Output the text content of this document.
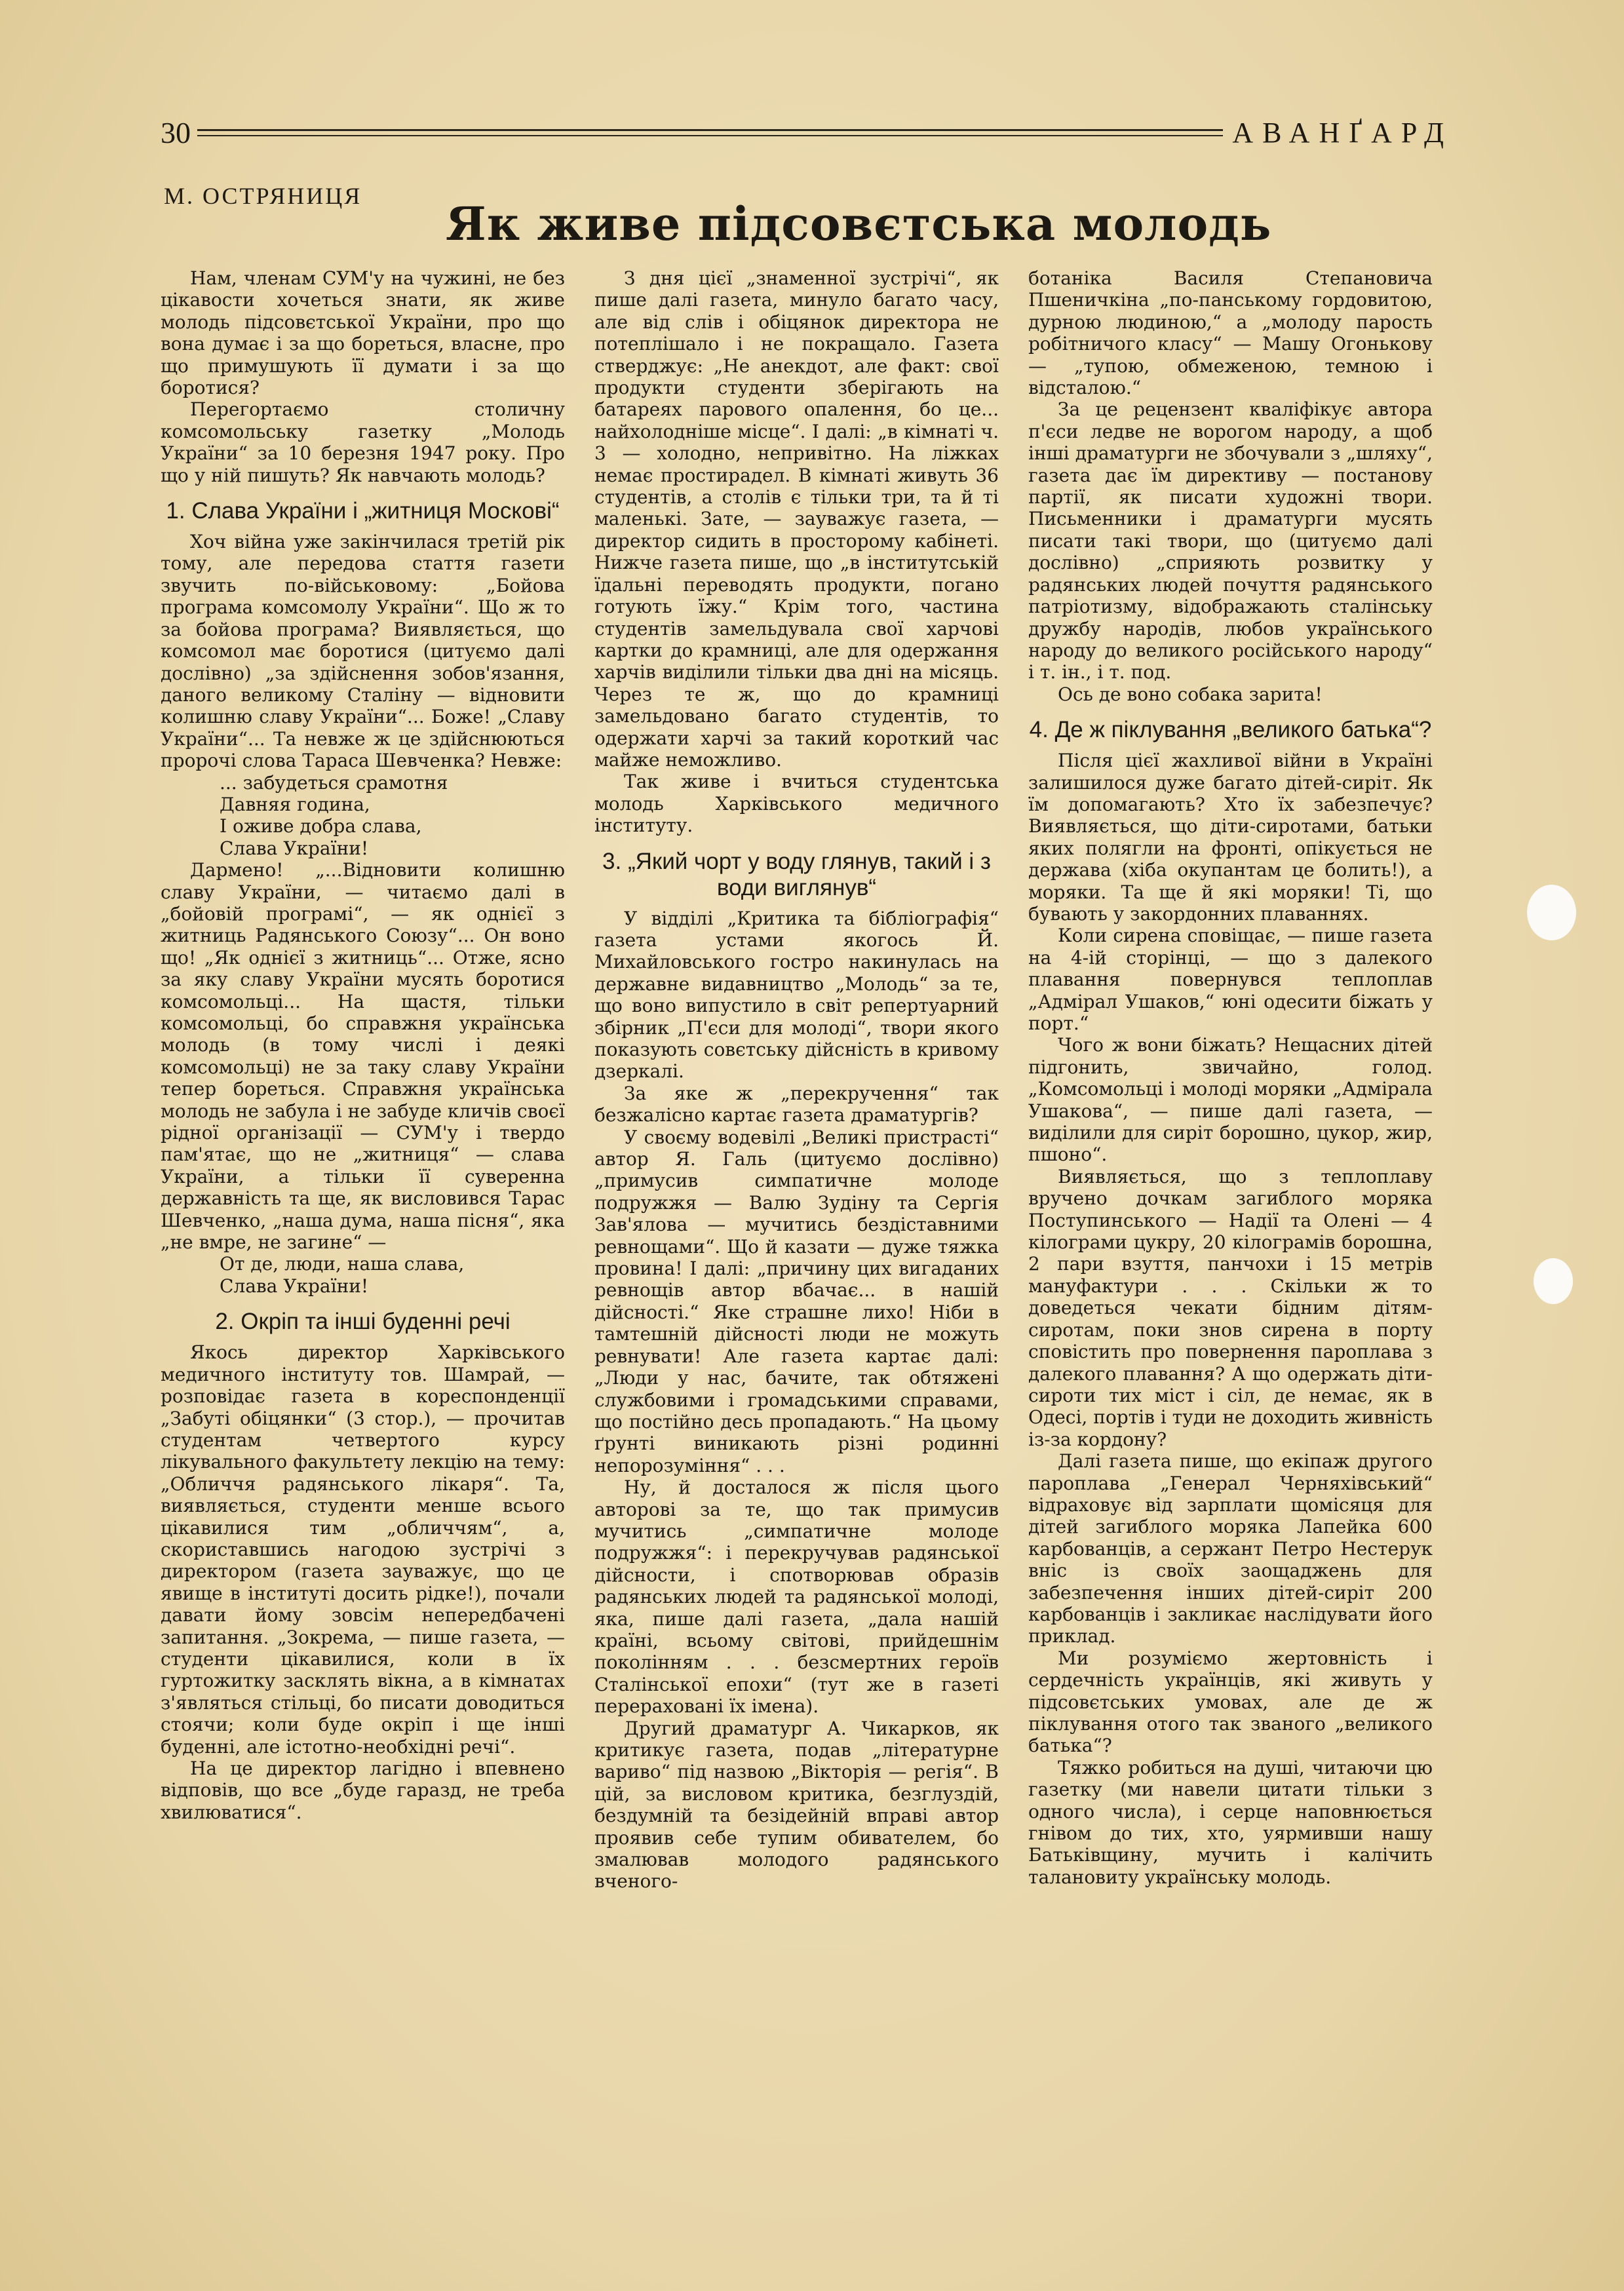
30	АВАНҐАРД
М. ОСТРЯНИЦЯ
Як живе підсовєтська молодь

Нам, членам СУМ'у на чужині, не без цікавости хочеться знати, як живе молодь підсовєтської України, про що вона думає і за що бореться, власне, про що примушують її думати і за що боротися?

Перегортаємо столичну комсомольську газетку „Молодь України“ за 10 березня 1947 року. Про що у ній пишуть? Як навчають молодь?

1. Слава України і „житниця Москові“

Хоч війна уже закінчилася третій рік тому, але передова стаття газети звучить по-військовому: „Бойова програма комсомолу України“. Що ж то за бойова програма? Виявляється, що комсомол має боротися (цитуємо далі дослівно) „за здійснення зобов'язання, даного великому Сталіну — відновити колишню славу України“... Боже! „Славу України“... Та невже ж це здійснюються пророчі слова Тараса Шевченка? Невже:

... забудеться срамотня
Давняя година,
І оживе добра слава,
Слава України!

Дармено! „...Відновити колишню славу України, — читаємо далі в „бойовій програмі“, — як однієї з житниць Радянського Союзу“... Он воно що! „Як однієї з житниць“... Отже, ясно за яку славу України мусять боротися комсомольці... На щастя, тільки комсомольці, бо справжня українська молодь (в тому числі і деякі комсомольці) не за таку славу України тепер бореться. Справжня українська молодь не забула і не забуде кличів своєї рідної організації — СУМ'у і твердо пам'ятає, що не „житниця“ — слава України, а тільки її суверенна державність та ще, як висловився Тарас Шевченко, „наша дума, наша пісня“, яка „не вмре, не загине“ —

От де, люди, наша слава,
Слава України!
2. Окріп та інші буденні речі

Якось директор Харківського медичного інституту тов. Шамрай, — розповідає газета в кореспонденції „Забуті обіцянки“ (3 стор.), — прочитав студентам четвертого курсу лікувального факультету лекцію на тему: „Обличчя радянського лікаря“. Та, виявляється, студенти менше всього цікавилися тим „обличчям“, а, скориставшись нагодою зустрічі з директором (газета зауважує, що це явище в інституті досить рідке!), почали давати йому зовсім непередбачені запитання. „Зокрема, — пише газета, — студенти цікавилися, коли в їх гуртожитку засклять вікна, а в кімнатах з'являться стільці, бо писати доводиться стоячи; коли буде окріп і ще інші буденні, але істотно-необхідні речі“.

На це директор лагідно і впевнено відповів, що все „буде гаразд, не треба хвилюватися“.

З дня цієї „знаменної зустрічі“, як пише далі газета, минуло багато часу, але від слів і обіцянок директора не потеплішало і не покращало. Газета стверджує: „Не анекдот, але факт: свої продукти студенти зберігають на батареях парового опалення, бо це... найхолодніше місце“. І далі: „в кімнаті ч. 3 — холодно, непривітно. На ліжках немає простирадел. В кімнаті живуть 36 студентів, а столів є тільки три, та й ті маленькі. Зате, — зауважує газета, — директор сидить в просторому кабінеті. Нижче газета пише, що „в інститутській їдальні переводять продукти, погано готують їжу.“ Крім того, частина студентів замельдувала свої харчові картки до крамниці, але для одержання харчів виділили тільки два дні на місяць. Через те ж, що до крамниці замельдовано багато студентів, то одержати харчі за такий короткий час майже неможливо.

Так живе і вчиться студентська молодь Харківського медичного інституту.

3. „Який чорт у воду глянув, такий і з води виглянув“

У відділі „Критика та бібліографія“ газета устами якогось Й. Михайловського гостро накинулась на державне видавництво „Молодь“ за те, що воно випустило в світ репертуарний збірник „П'єси для молоді“, твори якого показують совєтську дійсність в кривому дзеркалі.

За яке ж „перекручення“ так безжалісно картає газета драматургів?

У своєму водевілі „Великі пристрасті“ автор Я. Галь (цитуємо дослівно) „примусив симпатичне молоде подружжя — Валю Зудіну та Сергія Зав'ялова — мучитись бездіставними ревнощами“. Що й казати — дуже тяжка провина! І далі: „причину цих вигаданих ревнощів автор вбачає... в нашій дійсності.“ Яке страшне лихо! Ніби в тамтешній дійсності люди не можуть ревнувати! Але газета картає далі: „Люди у нас, бачите, так обтяжені службовими і громадськими справами, що постійно десь пропадають.“ На цьому ґрунті виникають різні родинні непорозуміння“ . . .

Ну, й досталося ж після цього авторові за те, що так примусив мучитись „симпатичне молоде подружжя“: і перекручував радянської дійсности, і спотворював образів радянських людей та радянської молоді, яка, пише далі газета, „дала нашій країні, всьому світові, прийдешнім поколінням . . . безсмертних героїв Сталінської епохи“ (тут же в газеті перераховані їх імена).

Другий драматург А. Чикарков, як критикує газета, подав „літературне вариво“ під назвою „Вікторія — регія“. В цій, за висловом критика, безглуздій, бездумній та безідейній вправі автор проявив себе тупим обивателем, бо змалював молодого радянського вченого-

ботаніка Василя Степановича Пшеничкіна „по-панському гордовитою, дурною людиною,“ а „молоду парость робітничого класу“ — Машу Огонькову — „тупою, обмеженою, темною і відсталою.“

За це рецензент кваліфікує автора п'єси ледве не ворогом народу, а щоб інші драматурги не збочували з „шляху“, газета дає їм директиву — постанову партії, як писати художні твори. Письменники і драматурги мусять писати такі твори, що (цитуємо далі дослівно) „сприяють розвитку у радянських людей почуття радянського патріотизму, відображають сталінську дружбу народів, любов українського народу до великого російського народу“ і т. ін., і т. под.

Ось де воно собака зарита!

4. Де ж піклування „великого батька“?

Після цієї жахливої війни в Україні залишилося дуже багато дітей-сиріт. Як їм допомагають? Хто їх забезпечує? Виявляється, що діти-сиротами, батьки яких полягли на фронті, опікується не держава (хіба окупантам це болить!), а моряки. Та ще й які моряки! Ті, що бувають у закордонних плаваннях.

Коли сирена сповіщає, — пише газета на 4-ій сторінці, — що з далекого плавання повернувся теплоплав „Адмірал Ушаков,“ юні одесити біжать у порт.“

Чого ж вони біжать? Нещасних дітей підгонить, звичайно, голод. „Комсомольці і молоді моряки „Адмірала Ушакова“, — пише далі газета, — виділили для сиріт борошно, цукор, жир, пшоно“.

Виявляється, що з теплоплаву вручено дочкам загиблого моряка Поступинського — Надії та Олені — 4 кілограми цукру, 20 кілограмів борошна, 2 пари взуття, панчохи і 15 метрів мануфактури . . . Скільки ж то доведеться чекати бідним дітям-сиротам, поки знов сирена в порту сповістить про повернення пароплава з далекого плавання? А що одержать діти-сироти тих міст і сіл, де немає, як в Одесі, портів і туди не доходить живність із-за кордону?

Далі газета пише, що екіпаж другого пароплава „Генерал Черняхівський“ відраховує від зарплати щомісяця для дітей загиблого моряка Лапейка 600 карбованців, а сержант Петро Нестерук вніс із своїх заощаджень для забезпечення інших дітей-сиріт 200 карбованців і закликає наслідувати його приклад.

Ми розуміємо жертовність і сердечність українців, які живуть у підсовєтських умовах, але де ж піклування отого так званого „великого батька“?

Тяжко робиться на душі, читаючи цю газетку (ми навели цитати тільки з одного числа), і серце наповнюється гнівом до тих, хто, уярмивши нашу Батьківщину, мучить і калічить талановиту українську молодь.
